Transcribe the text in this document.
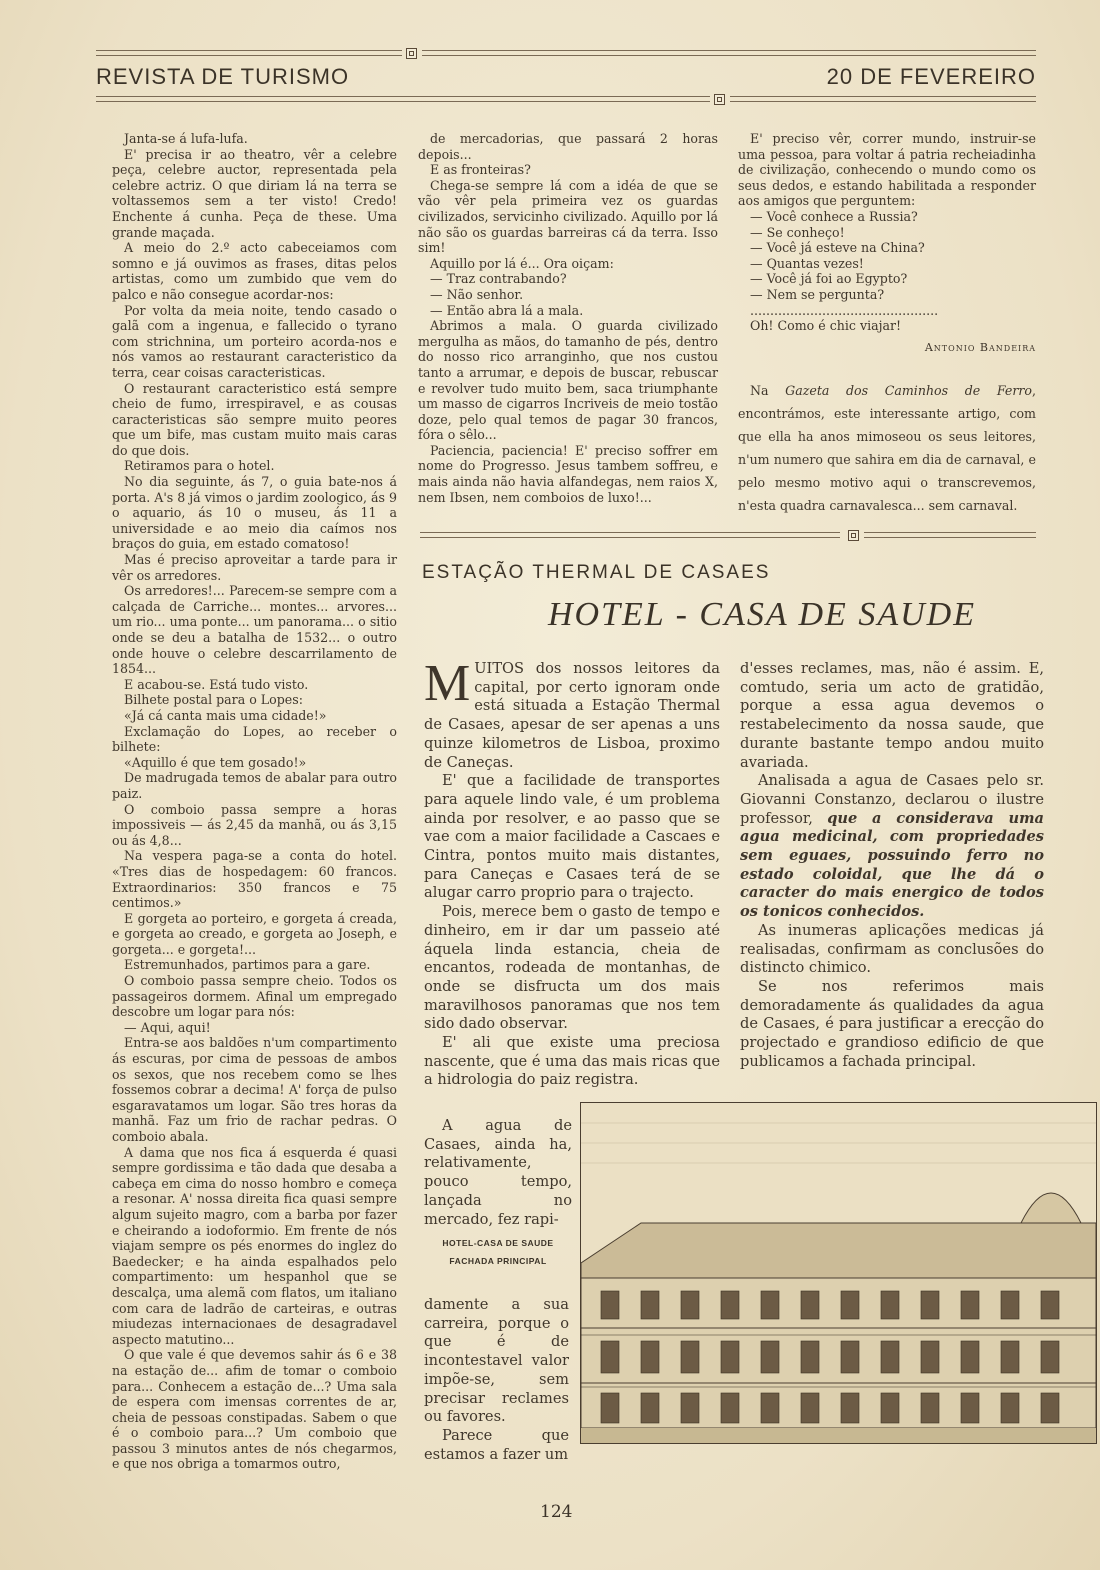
REVISTA DE TURISMO	20 DE FEVEREIRO

Janta-se á lufa-lufa.

E' precisa ir ao theatro, vêr a celebre peça, celebre auctor, representada pela celebre actriz. O que diriam lá na terra se voltassemos sem a ter visto! Credo! Enchente á cunha. Peça de these. Uma grande maçada.

A meio do 2.º acto cabeceiamos com somno e já ouvimos as frases, ditas pelos artistas, como um zumbido que vem do palco e não consegue acordar-nos:

Por volta da meia noite, tendo casado o galã com a ingenua, e fallecido o tyrano com strichnina, um porteiro acorda-nos e nós vamos ao restaurant caracteristico da terra, cear coisas caracteristicas.

O restaurant caracteristico está sempre cheio de fumo, irrespiravel, e as cousas caracteristicas são sempre muito peores que um bife, mas custam muito mais caras do que dois.

Retiramos para o hotel.

No dia seguinte, ás 7, o guia bate-nos á porta. A's 8 já vimos o jardim zoologico, ás 9 o aquario, ás 10 o museu, ás 11 a universidade e ao meio dia caímos nos braços do guia, em estado comatoso!

Mas é preciso aproveitar a tarde para ir vêr os arredores.

Os arredores!... Parecem-se sempre com a calçada de Carriche... montes... arvores... um rio... uma ponte... um panorama... o sitio onde se deu a batalha de 1532... o outro onde houve o celebre descarrilamento de 1854...

E acabou-se. Está tudo visto.

Bilhete postal para o Lopes:

«Já cá canta mais uma cidade!»

Exclamação do Lopes, ao receber o bilhete:

«Aquillo é que tem gosado!»

De madrugada temos de abalar para outro paiz.

O comboio passa sempre a horas impossiveis — ás 2,45 da manhã, ou ás 3,15 ou ás 4,8...

Na vespera paga-se a conta do hotel. «Tres dias de hospedagem: 60 francos. Extraordinarios: 350 francos e 75 centimos.»

E gorgeta ao porteiro, e gorgeta á creada, e gorgeta ao creado, e gorgeta ao Joseph, e gorgeta... e gorgeta!...

Estremunhados, partimos para a gare.

O comboio passa sempre cheio. Todos os passageiros dormem. Afinal um empregado descobre um logar para nós:

— Aqui, aqui!

Entra-se aos baldões n'um compartimento ás escuras, por cima de pessoas de ambos os sexos, que nos recebem como se lhes fossemos cobrar a decima! A' força de pulso esgaravatamos um logar. São tres horas da manhã. Faz um frio de rachar pedras. O comboio abala.

A dama que nos fica á esquerda é quasi sempre gordissima e tão dada que desaba a cabeça em cima do nosso hombro e começa a resonar. A' nossa direita fica quasi sempre algum sujeito magro, com a barba por fazer e cheirando a iodoformio. Em frente de nós viajam sempre os pés enormes do inglez do Baedecker; e ha ainda espalhados pelo compartimento: um hespanhol que se descalça, uma alemã com flatos, um italiano com cara de ladrão de carteiras, e outras miudezas internacionaes de desagradavel aspecto matutino...

O que vale é que devemos sahir ás 6 e 38 na estação de... afim de tomar o comboio para... Conhecem a estação de...? Uma sala de espera com imensas correntes de ar, cheia de pessoas constipadas. Sabem o que é o comboio para...? Um comboio que passou 3 minutos antes de nós chegarmos, e que nos obriga a tomarmos outro,

de mercadorias, que passará 2 horas depois...

E as fronteiras?

Chega-se sempre lá com a idéa de que se vão vêr pela primeira vez os guardas civilizados, servicinho civilizado. Aquillo por lá não são os guardas barreiras cá da terra. Isso sim!

Aquillo por lá é... Ora oiçam:

— Traz contrabando?

— Não senhor.

— Então abra lá a mala.

Abrimos a mala. O guarda civilizado mergulha as mãos, do tamanho de pés, dentro do nosso rico arranginho, que nos custou tanto a arrumar, e depois de buscar, rebuscar e revolver tudo muito bem, saca triumphante um masso de cigarros Incriveis de meio tostão doze, pelo qual temos de pagar 30 francos, fóra o sêlo...

Paciencia, paciencia! E' preciso soffrer em nome do Progresso. Jesus tambem soffreu, e mais ainda não havia alfandegas, nem raios X, nem Ibsen, nem comboios de luxo!...

E' preciso vêr, correr mundo, instruir-se uma pessoa, para voltar á patria recheiadinha de civilização, conhecendo o mundo como os seus dedos, e estando habilitada a responder aos amigos que perguntem:

— Você conhece a Russia?

— Se conheço!

— Você já esteve na China?

— Quantas vezes!

— Você já foi ao Egypto?

— Nem se pergunta?

...............................................

Oh! Como é chic viajar!

Antonio Bandeira

Na Gazeta dos Caminhos de Ferro, encontrámos, este interessante artigo, com que ella ha anos mimoseou os seus leitores, n'um numero que sahira em dia de carnaval, e pelo mesmo motivo aqui o transcrevemos, n'esta quadra carnavalesca... sem carnaval.

ESTAÇÃO THERMAL DE CASAES
HOTEL - CASA DE SAUDE

MUITOS dos nossos leitores da capital, por certo ignoram onde está situada a Estação Thermal de Casaes, apesar de ser apenas a uns quinze kilometros de Lisboa, proximo de Caneças.

E' que a facilidade de transportes para aquele lindo vale, é um problema ainda por resolver, e ao passo que se vae com a maior facilidade a Cascaes e Cintra, pontos muito mais distantes, para Caneças e Casaes terá de se alugar carro proprio para o trajecto.

Pois, merece bem o gasto de tempo e dinheiro, em ir dar um passeio até áquela linda estancia, cheia de encantos, rodeada de montanhas, de onde se disfructa um dos mais maravilhosos panoramas que nos tem sido dado observar.

E' ali que existe uma preciosa nascente, que é uma das mais ricas que a hidrologia do paiz registra.

A agua de Casaes, ainda ha, relativamente, pouco tempo, lançada no mercado, fez rapi-

HOTEL-CASA DE SAUDE
FACHADA PRINCIPAL

damente a sua carreira, porque o que é de incontestavel valor impõe-se, sem precisar reclames ou favores.

Parece que estamos a fazer um

d'esses reclames, mas, não é assim. E, comtudo, seria um acto de gratidão, porque a essa agua devemos o restabelecimento da nossa saude, que durante bastante tempo andou muito avariada.

Analisada a agua de Casaes pelo sr. Giovanni Constanzo, declarou o ilustre professor, que a considerava uma agua medicinal, com propriedades sem eguaes, possuindo ferro no estado coloidal, que lhe dá o caracter do mais energico de todos os tonicos conhecidos.

As inumeras aplicações medicas já realisadas, confirmam as conclusões do distincto chimico.

Se nos referimos mais demoradamente ás qualidades da agua de Casaes, é para justificar a erecção do projectado e grandioso edificio de que publicamos a fachada principal.

124
